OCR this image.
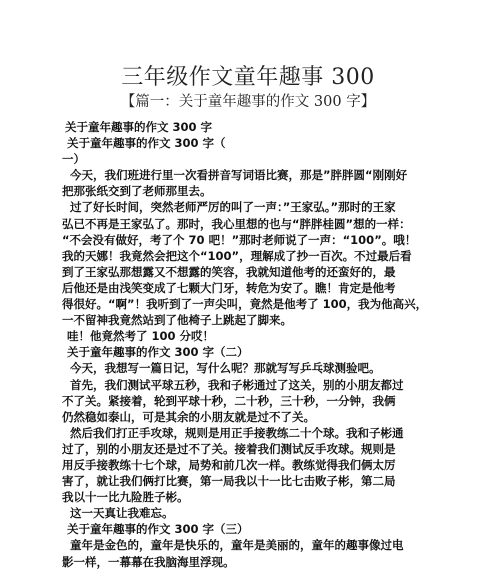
三年级作文童年趣事 300

【篇一：关于童年趣事的作文 300 字】

关于童年趣事的作文 300 字
关于童年趣事的作文 300 字（
一）
今天，我们班进行里一次看拼音写词语比赛，那是”胖胖圆“刚刚好
把那张纸交到了老师那里去。
过了好长时间，突然老师严厉的叫了一声：”王家弘。”那时的王家
弘已不再是王家弘了。那时，我心里想的也与“胖胖桂圆”想的一样：
“不会没有做好，考了个 70 吧！”那时老师说了一声：“100”。哦！
我的天娜！我竟然会把这个“100”，理解成了抄一百次。不过最后看
到了王家弘那想露又不想露的笑容，我就知道他考的还蛮好的，最
后他还是由浅笑变成了七颗大门牙，转危为安了。瞧！肯定是他考
得很好。“啊”！我听到了一声尖叫，竟然是他考了 100，我为他高兴，
一不留神我竟然站到了他椅子上跳起了脚来。
哇！他竟然考了 100 分哎！
关于童年趣事的作文 300 字（二）
今天，我想写一篇日记，写什么呢？那就写写乒乓球测验吧。
首先，我们测试平球五秒，我和子彬通过了这关，别的小朋友都过
不了关。紧接着，轮到平球十秒，二十秒，三十秒，一分钟，我俩
仍然稳如泰山，可是其余的小朋友就是过不了关。
然后我们打正手攻球，规则是用正手接教练二十个球。我和子彬通
过了，别的小朋友还是过不了关。接着我们测试反手攻球。规则是
用反手接教练十七个球，局势和前几次一样。教练觉得我们俩太厉
害了，就让我们俩打比赛，第一局我以十一比七击败子彬，第二局
我以十一比九险胜子彬。
这一天真让我难忘。
关于童年趣事的作文 300 字（三）
童年是金色的，童年是快乐的，童年是美丽的，童年的趣事像过电
影一样，一幕幕在我脑海里浮现。
